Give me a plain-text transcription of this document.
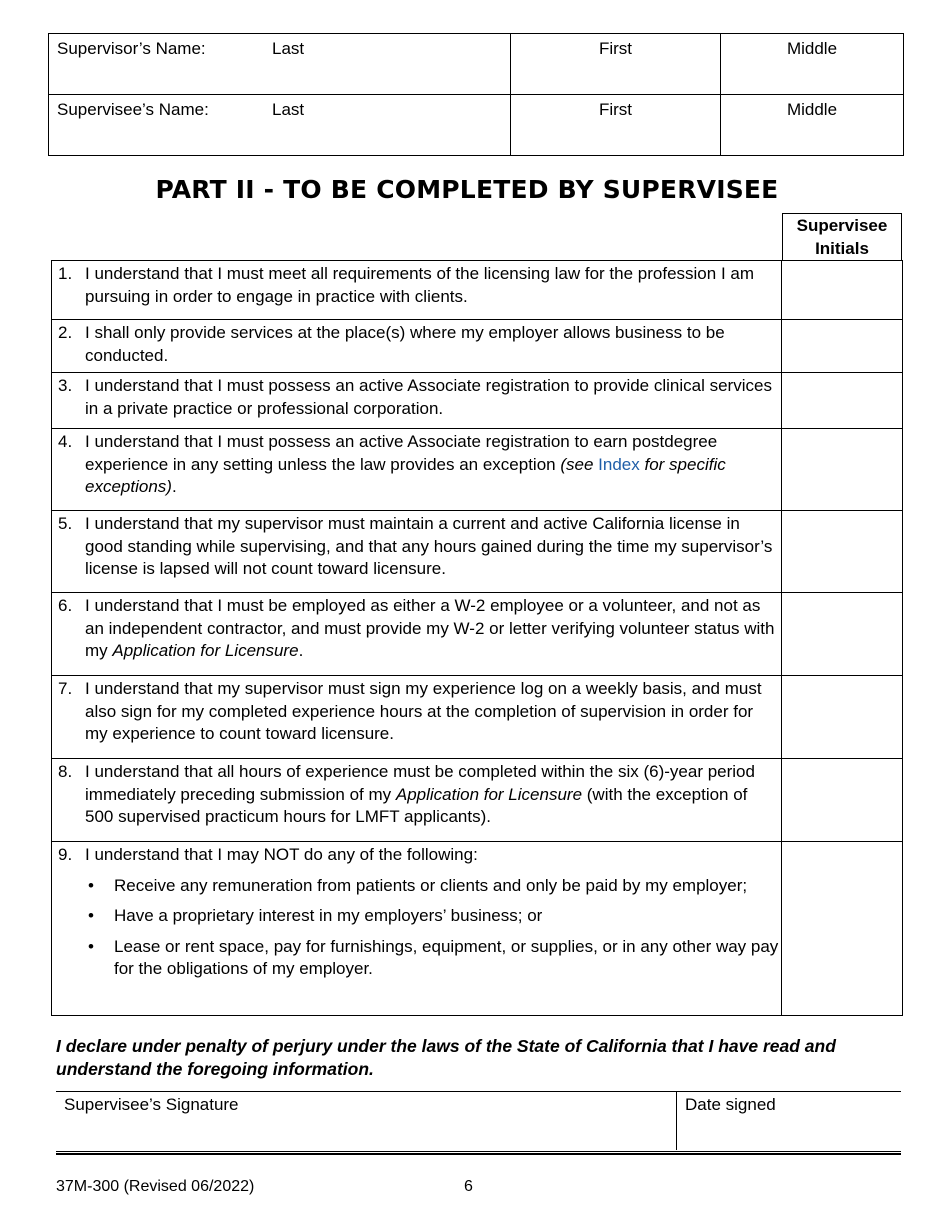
Supervisor’s Name: Last	First	Middle

Supervisee’s Name: Last	First	Middle
PART II - TO BE COMPLETED BY SUPERVISEE
Supervisee
Initials
1. I understand that I must meet all requirements of the licensing law for the profession I am pursuing in order to engage in practice with clients.
2. I shall only provide services at the place(s) where my employer allows business to be conducted.
3. I understand that I must possess an active Associate registration to provide clinical services in a private practice or professional corporation.
4. I understand that I must possess an active Associate registration to earn postdegree experience in any setting unless the law provides an exception (see Index for specific exceptions).
5. I understand that my supervisor must maintain a current and active California license in good standing while supervising, and that any hours gained during the time my supervisor’s license is lapsed will not count toward licensure.
6. I understand that I must be employed as either a W-2 employee or a volunteer, and not as an independent contractor, and must provide my W-2 or letter verifying volunteer status with my Application for Licensure.
7. I understand that my supervisor must sign my experience log on a weekly basis, and must also sign for my completed experience hours at the completion of supervision in order for my experience to count toward licensure.
8. I understand that all hours of experience must be completed within the six (6)-year period immediately preceding submission of my Application for Licensure (with the exception of 500 supervised practicum hours for LMFT applicants).
9. I understand that I may NOT do any of the following:
•	Receive any remuneration from patients or clients and only be paid by my employer;
•	Have a proprietary interest in my employers’ business; or
•	Lease or rent space, pay for furnishings, equipment, or supplies, or in any other way pay for the obligations of my employer.
I declare under penalty of perjury under the laws of the State of California that I have read and understand the foregoing information.
Supervisee’s Signature	Date signed
37M-300 (Revised 06/2022)	6
